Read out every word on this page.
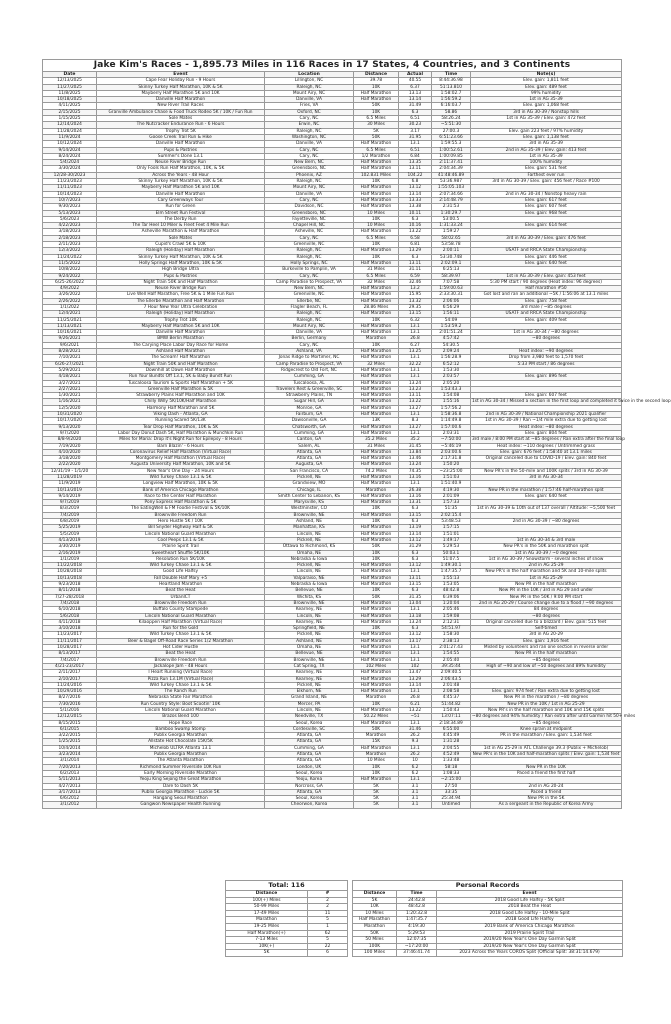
Jake Kim's Races - 1,895.73 Miles in 116 Races in 17 States, 4 Countries, and 3 Continents						
Date	Event	Location	Distance	Actual	Time	Note(s)
12/13/2025	Cape Fear Holiday Run - 9 Hours	Lillington, NC	39.78	40.55	8:44:36.98	Elev. gain: 1,811 feet
11/27/2025	Skinny Turkey Half Marathon, 10K & 5K	Raleigh, NC	10K	6.37	51:13.810	Elev. gain: 489 feet
11/8/2025	Mayberry Half Marathon 5K and 10K	Mount Airy, NC	Half Marathon	13.13	1:58:02.7	99% humidity
10/18/2025	Danville Half Marathon	Danville, VA	Half Marathon	13.14	1:56:59.2	1st in AG 35-39
4/11/2025	New River Trail Races	Fries, VA	50K	31.49	6:16:03.7	Elev. gain: 1,068 feet
2/15/2025	Granville Ambulance Chase & Food Truck Rodeo 5K / 10K / Fun Run	Oxford, NC	10K	6.3	58.86	3rd in AG 30-39 / Nonstop hills
1/15/2025	Sole Mates	Cary, NC	6.5 Miles	6.51	58:26.24	1st in AG 35-39 / Elev. gain: 472 feet
12/14/2024	The Nutcracker Endurance Run - 6 Hours	Erwin, NC	30 Miles	30.23	~5:51:30	
11/28/2024	Trophy Trot 5K	Raleigh, NC	5K	3.17	27:00.3	Elev. gain 223 feet / 97% humidity
11/9/2024	Goose Creek Trail Run & Hike	Washington, NC	50K	31.95	6:51:23.66	Elev. gain: 1,138 feet
10/12/2024	Danville Half Marathon	Danville, VA	Half Marathon	13.1	1:59:55.3	3rd in AG 35-39
9/14/2024	Pups & Pastries	Cary, NC	6.5 Miles	6.51	1:00:52.61	2nd in AG 35-39 / Elev. gain: 413 feet
8/24/2024	Summer's Done 13.1	Cary, NC	1/2 Marathon	6.84	1:00:09.85	1st in AG 35-39
5/4/2024	Neuse River Bridge Run	New Bern, NC	Half Marathon	13.35	2:11:37.41	100% humidity
3/30/2024	Only Fools Run Half Marathon, 10K, & 5K	Greensboro, NC	Half Marathon	13.11	2:04:34.39	Elev. gain: 531 feet
12/28-30/2023	Across the Years - 48 Hour	Phoenix, AZ	102.831 Miles	104.22	41:48:46.89	Farthest ever run
11/23/2023	Skinny Turkey Half Marathon, 10K & 5K	Raleigh, NC	10K	6.8	53:36.987	3rd in AG 30-39 / Elev. gain: 456 feet / Race #100
11/11/2023	Mayberry Half Marathon 5K and 10K	Mount Airy, NC	Half Marathon	13.12	1:55:05.103	
10/14/2023	Danville Half Marathon	Danville, VA	Half Marathon	13.14	2:07:34.66	2nd in AG 30-34 / Nonstop heavy rain
10/7/2023	Cary Greenways Tour	Cary, NC	Half Marathon	13.33	2:14:48.79	Elev. gain: 617 feet
9/30/2023	Run for Green	Davidson, NC	Half Marathon	13.38	2:31:53	Elev. gain: 607 feet
5/13/2023	Elm Street Run Festival	Greensboro, NC	10 Miles	10.11	1:30:29.7	Elev. gain: 968 feet
5/6/2023	The Derby Run	Fayetteville, NC	10K	6.3	53:00.5	
4/22/2023	The Tar Heel 10 Miler & Fleet Feet 4 Mile Run	Chapel Hill, NC	10 Miles	10.16	1:31:33.24	Elev. gain: 614 feet
3/18/2023	Asheville Marathon & Half Marathon	Asheville, NC	Half Marathon	13.22	1:59:27	
2/18/2023	Sole Mates	Cary, NC	6.5 Miles	6.58	58:02.65	3rd in AG 30-39 / Elev. gain: 476 feet
2/11/2023	Cupid's Crawl 5K & 10K	Greenville, NC	10K	6.81	53:58.78	
12/3/2022	Raleigh (Holiday) Half Marathon	Raleigh, NC	Half Marathon	13.29	2:00:11	USATF and RRCA State Championship
11/24/2022	Skinny Turkey Half Marathon, 10K & 5K	Raleigh, NC	10K	6.3	53:30.748	Elev. gain: 446 feet
11/5/2022	Holly Springs Half Marathon, 10K & 5K	Holly Springs, NC	Half Marathon	13.11	2:02:09.1	Elev. gain: 640 feet
10/8/2022	High Bridge Ultra	Burkeville to Pamplin, VA	31 Miles	31.11	6:25:13	
9/24/2022	Pups & Pastries	Cary, NC	6.5 Miles	6.59	58:39.97	1st in AG 30-39 / Elev. gain: 453 feet
6/25-26/2022	Night Train 50K and Half Marathon	Camp Paradise to Prospect, VA	32 Miles	32.46	7:07:58	5:30 PM start / 90 degrees (Heat index: 96 degrees)
4/9/2022	Neuse River Bridge Run	New Bern, NC	Half Marathon	13.2	1:59:00.63	Half marathon #50
3/26/2022	Live Well Half Marathon, Free 5K & 1 Mile Fun Run	Greenville, NC	Half Marathon	15.95	2:33:30.31	Got lost and ran an additional ~5K / 1:56:06 at 13.1 miles
2/26/2022	The Ellerbe Marathon and Half Marathon	Ellerbe, NC	Half Marathon	13.32	2:06:06	Elev. gain: 758 feet
1/1/2022	7 Hour New Year Ultra Celebration	Flagler Beach, FL	28.86 Miles	29.35	6:56:29	3rd male / ~85 degrees
12/4/2021	Raleigh (Holiday) Half Marathon	Raleigh, NC	Half Marathon	13.15	1:56:11	USATF and RRCA State Championship
11/25/2021	Trophy Trot 10K	Raleigh, NC	10K	6.32	54:09	Elev. gain: 409 feet
11/13/2021	Mayberry Half Marathon 5K and 10K	Mount Airy, NC	Half Marathon	13.1	1:53:59.2	
10/16/2021	Danville Half Marathon	Danville, VA	Half Marathon	13.1	2:01:51.24	1st in AG 30-34 / ~80 degrees
9/26/2021	BMW Berlin Marathon	Berlin, Germany	Marathon	26.8	4:57:42	~80 degrees
9/6/2021	The Carying Place Labor Day Race for Home	Cary, NC	10K	6.27	54:30.5	
8/28/2021	Ashland Half Marathon	Ashland, VA	Half Marathon	13.25	2:09:24	Heat index: ~90 degrees
7/10/2021	The Scream! Half Marathon	Jonas Ridge to Mortimer, NC	Half Marathon	13.1	1:56:28.9	Drop from 3,980 feet to 1,570 feet
6/26-27/2021	Night Train 50K and Half Marathon	Camp Paradise to Prospect, VA	32 Miles	32.22	6:52:12	5:33 PM start / 86 degrees
5/29/2021	Downhill at Dawn Half Marathon	Ridgecrest to Old Fort, NC	Half Marathon	13.1	1:53:30	
4/18/2021	Run Your Bundts Off 13.1, 5K & Baby Bundt Run	Cumming, GA	Half Marathon	13.1	2:03:57	Elev. gain: 896 feet
3/27/2021	Tuscaloosa Tourism & Sports Half Marathon + 5K	Tuscaloosa, AL	Half Marathon	13.24	2:05:20	
2/27/2021	Greenville Half Marathon & 5K	Travelers Rest & Greenville, SC	Half Marathon	13.23	1:53:43.3	
1/30/2021	Strawberry Plains Half Marathon and 10K	Strawberry Plains, TN	Half Marathon	13.11	1:54:08	Elev. gain: 607 feet
1/16/2021	Chilly Willy 5K/10K/Half Marathon	Sugar Hill, GA	Half Marathon	13.22	1:55:16	1st in AG 30-34 / Missed a section in the first loop and completed it twice in the second loop
12/5/2020	Harmony Half Marathon and 5K	Monroe, GA	Half Marathon	13.27	1:57:56.2	
10/31/2020	Viking Dash - Atlanta, GA	Fairburn, GA	Half Marathon	13.1	1:58:36.8	2nd in AG 30-39 / National Championship 2021 qualifier
10/17/2020	Running Scared 5K/13K	Dawsonville, GA	13K	8.3	1:14:49.8	1st in AG 30-39 / Ran ~1/4 mile extra due to getting lost
9/13/2020	Tear Drop Half Marathon, 10K & 5K	Chatsworth, GA	Half Marathon	13.27	1:57:00.6	Heat index: ~80 degrees
9/7/2020	Labor Day Donut Dash 5K, Half Marathon & Munchkin Run	Cumming, GA	Half Marathon	13.1	2:03:31	Elev. gain: 804 feet
8/8-9/2020	Miles for Maria: Drop it's Night Run for Epilepsy - 8 Hours	Canton, GA	35.2 Miles	35.2	~7:50:00	3rd male / 8:00 PM start at ~85 degrees / Ran extra after the final loop
7/19/2020	Barn Blazin' - 6 Hours	Salem, AL	31 Miles	31.45	~5:46:19	Heat index: ~110 degrees / Untrimmed grass
4/10/2020	Coronavirus Relief Half Marathon (Virtual Race)	Atlanta, GA	Half Marathon	13.84	2:03:00.6	Elev. gain: 676 feet / 1:58:40 at 13.1 miles
3/18/2020	Montgomery Half Marathon (Virtual Race)	Atlanta, GA	Half Marathon	13.46	2:17:31.8	Original canceled due to COVID-19 / Elev. gain: 840 feet
2/22/2020	Augusta University Half Marathon, 10K and 5K	Augusta, GA	Half Marathon	13.24	1:50:20	
12/31/19 - 1/1/20	New Year's One Day - 24 Hours	San Francisco, CA	74.2 Miles	74.35	~23:25:00	New PR's in the 50-mile and 100K splits / 3rd in AG 30-39
11/28/2019	Wild Turkey Chase 13.1 & 5K	Pickrell, NE	Half Marathon	13.16	1:51:03	3rd in AG 30-34
11/9/2019	Longview Half Marathon, 10K & 5K	Grandview, MO	Half Marathon	13.1	1:51:40.9	
10/13/2019	Bank of America Chicago Marathon	Chicago, IL	Marathon	26.38	4:19:30	New PR in the marathon / 1:57:46 half-marathon split
9/14/2019	Race to the Center Half Marathon	Smith Center to Lebanon, KS	Half Marathon	13.16	2:01:09	Elev. gain: 640 feet
9/7/2019	Pony Express Half Marathon & 5K	Marysville, KS	Half Marathon	13.31	1:57:33	
8/3/2019	The EatingWell & FM Foodie Festival & 5K/10K	Westminster, CO	10K	6.3	51:35	1st in AG 30-39 & 10th out of 137 overall / Altitude: ~5,500 feet
7/4/2019	Brownville Freedom Run	Brownville, NE	Half Marathon	13.15	2:02:15.4	
6/8/2019	Hero Hustle 5K / 10K	Ashland, NE	10K	6.3	53:48.53	2nd in AG 30-39 / ~80 degrees
5/25/2019	Bill Snyder Highway Half & 5K	Manhattan, KS	Half Marathon	13.19	1:57:15	
5/5/2019	Lincoln National Guard Marathon	Lincoln, NE	Half Marathon	13.14	1:51:01	
4/13/2019	Cool Peeps 13.1 & 5K	Pickrell, NE	Half Marathon	13.12	1:49:17	1st in AG 30-34 & 3rd male
3/30/2019	Prairie Spirit Trail	Ottawa to Richmond, KS	50K	31.29	5:29:53	New PR's in the 50K and marathon split
2/16/2019	Sweetheart Shuffle 5K/10K	Omaha, NE	10K	6.3	50:03.1	1st in AG 30-39 / ~0 degrees
1/1/2019	Resolution Run 5K/10K	Nebraska & Iowa	10K	6.3	51:07.5	1st in AG 30-39 / Snowstorm - several inches of snow
11/22/2018	Wild Turkey Chase 13.1 & 5K	Pickrell, NE	Half Marathon	13.12	1:49:30.1	2nd in AG 25-29
10/28/2018	Good Life Halfsy	Lincoln, NE	Half Marathon	13.1	1:47:35.7	New PR's in the half marathon and 5K and 10-mile splits
10/13/2018	Fall Double Half Mary +5	Valparaiso, NE	Half Marathon	13.11	1:55:13	1st in AG 25-29
9/23/2018	Heartland Marathon	Nebraska & Iowa	Half Marathon	13.15	1:53:05	New PR in the half marathon
8/11/2018	Beat the Heat	Bellevue, NE	10K	6.3	48:42.8	New PR in the 10K / 3rd in AG 29 and under
7/27-28/2018	UrbanICT	Wichita, KS	50K	31.35	6:39:06	New PR in the 50K / 9:00 PM start
7/4/2018	Brownville Freedom Run	Brownville, NE	Half Marathon	13.04	1:20:04	2nd in AG 20-29 / Course change due to a flood / ~90 degrees
6/10/2018	Buffalo County Stampede	Kearney, NE	Half Marathon	13.1	2:05:46	84 degrees
5/6/2018	Lincoln National Guard Marathon	Lincoln, NE	Half Marathon	13.18	1:59:08	~80 degrees
4/11/2018	Kilaoppen Half Marathon (Virtual Race)	Kearney, NE	Half Marathon	13.24	2:12:31	Original canceled due to a blizzard / Elev. gain: 515 feet
3/10/2018	Run for the Gold	Springfield, NE	10K	6.3	54:51.97	Self-timed
11/23/2017	Wild Turkey Chase 13.1 & 5K	Pickrell, NE	Half Marathon	13.12	1:58:30	3rd in AG 20-29
11/11/2017	Beer & Bagel Off-Road Race Series 1/2 Marathon	Ashland, NE	Half Marathon	13.17	2:38:13	Elev. gain: 1,916 feet
10/28/2017	Hot Cider Hustle	Omaha, NE	Half Marathon	13.1	2:01:27.43	Misled by volunteers and ran one section in reverse order
8/13/2017	Beat the Heat	Bellevue, NE	Half Marathon	13.1	1:54:55	New PR in the half marathon
7/4/2017	Brownville Freedom Run	Brownville, NE	Half Marathon	13.1	2:05:40	~85 degrees
4/21-23/2017	Jackalope Jam - 48 Hours	Cat Spring, TX	102 Miles	102	39:35:44	High of ~90 and low of ~50 degrees and 89% humidity
2/11/2017	I Heart Running (Virtual Race)	Kearney, NE	Half Marathon	13.47	2:09:40.5	
2/10/2017	Pizza Run 13.1M (Virtual Race)	Kearney, NE	Half Marathon	13.29	2:06:43.5	
11/24/2016	Wild Turkey Chase 13.1 & 5K	Pickrell, NE	Half Marathon	13.14	2:01:48	
10/29/2016	The Ranch Run	Elkhorn, NE	Half Marathon	13.1	2:08:58	Elev. gain: 974 feet / Ran extra due to getting lost
8/27/2016	Nebraska State Fair Marathon	Grand Island, NE	Marathon	26.8	4:45:37	New PR in the marathon / ~80 degrees
7/30/2016	Run Country Style: Boot Scootin' 10K	Mercer, PA	10K	6.21	51:44.82	New PR in the 10K / 1st in AG 25-29
5/1/2016	Lincoln National Guard Marathon	Lincoln, NE	Half Marathon	13.22	1:50:43	New PR's in the half marathon and 10K and 15K splits
12/12/2015	Brazos Bend 100	Needville, TX	50.22 Miles	~51	13:07:11	~80 degrees and 94% humidity / Ran extra after until Garmin hit 50+ miles
8/15/2015	Hope Race	Seoul, Korea	Half Marathon	13.1	2:18:34.89	~85 degrees
6/1/2015	Bamboo Swamp Stomp	Cordesville, SC	50K	31.46	6:55:00	Knee sprain at midpoint
3/22/2015	Publix Georgia Marathon	Atlanta, GA	Marathon	26.2	4:45:49	PR in the marathon / Elev. gain: 1,534 feet
1/25/2015	Allstate Hot Chocolate 15K/5K	Atlanta, GA	15K	9.3	1:31:28	
10/4/2014	Michelob ULTRA Atlanta 13.1	Cumming, GA	Half Marathon	13.1	2:04:55	1st in AG 25-29 in ATL Challenge 39.3 (Publix + Michelob)
3/23/2014	Publix Georgia Marathon	Atlanta, GA	Marathon	26.2	4:52:49	New PR's in the 10K and half-marathon splits / Elev. gain: 1,534 feet
3/1/2014	The Atlanta Marathon	Atlanta, GA	10 Miles	10	1:33:48	
7/20/2013	Richmond Summer Riverside 10K Run	London, UK	10K	6.2	58:18	New PR in the 10K
6/2/2013	Early Morning Riverside Marathon	Seoul, Korea	10K	6.2	1:08:33	Paced a friend the first half
5/11/2013	Yeoju King Sejong the Great Marathon	Yeoju, Korea	Half Marathon	13.1	~2:15:00	
4/27/2013	Dare to Dash 5K	Norcross, GA	5K	3.1	27:50	2nd in AG 20-24
3/17/2013	Publix Georgia Marathon - Luckie 5K	Atlanta, GA	5K	3.1	33:35	Paced a friend
6/6/2012	Hangang Seoul Marathon	Seoul, Korea	5K	3.1	25:34.94	New PR in the 5K
3/1/2012	Gangwon Newspaper Health Running	Cheorwon, Korea	5K	3.1	Untimed	As a sergeant in the Republic of Korea Army
Total: 116	
Distance	#
100(+) Miles	2
50-99 Miles	2
17-49 Miles	11
Marathon	5
19-25 Miles	1
Half Marathon(+)	62
7-13 Miles	5
10K(+)	22
5K	6
Personal Records		
Distance	Time	Event
5K	24:42.8	2018 Good Life Halfsy - 5K Split
10K	48:42.8	2018 Beat the Heat
10 Miles	1:20:32.8	2018 Good Life Halfsy - 10-Mile Split
Half Marathon	1:47:35.7	2018 Good Life Halfsy
Marathon	4:19:30	2019 Bank of America Chicago Marathon
50K	5:29:53	2019 Prairie Spirit Trail
50 Miles	12:07:35	2019/20 New Year's One Day Garmin Split
100K	~17:20:00	2019/20 New Year's One Day Garmin Split
100 Miles	37:46:41.74	2023 Across the Years COROS Split (Official Split: 38:31:14.679)
